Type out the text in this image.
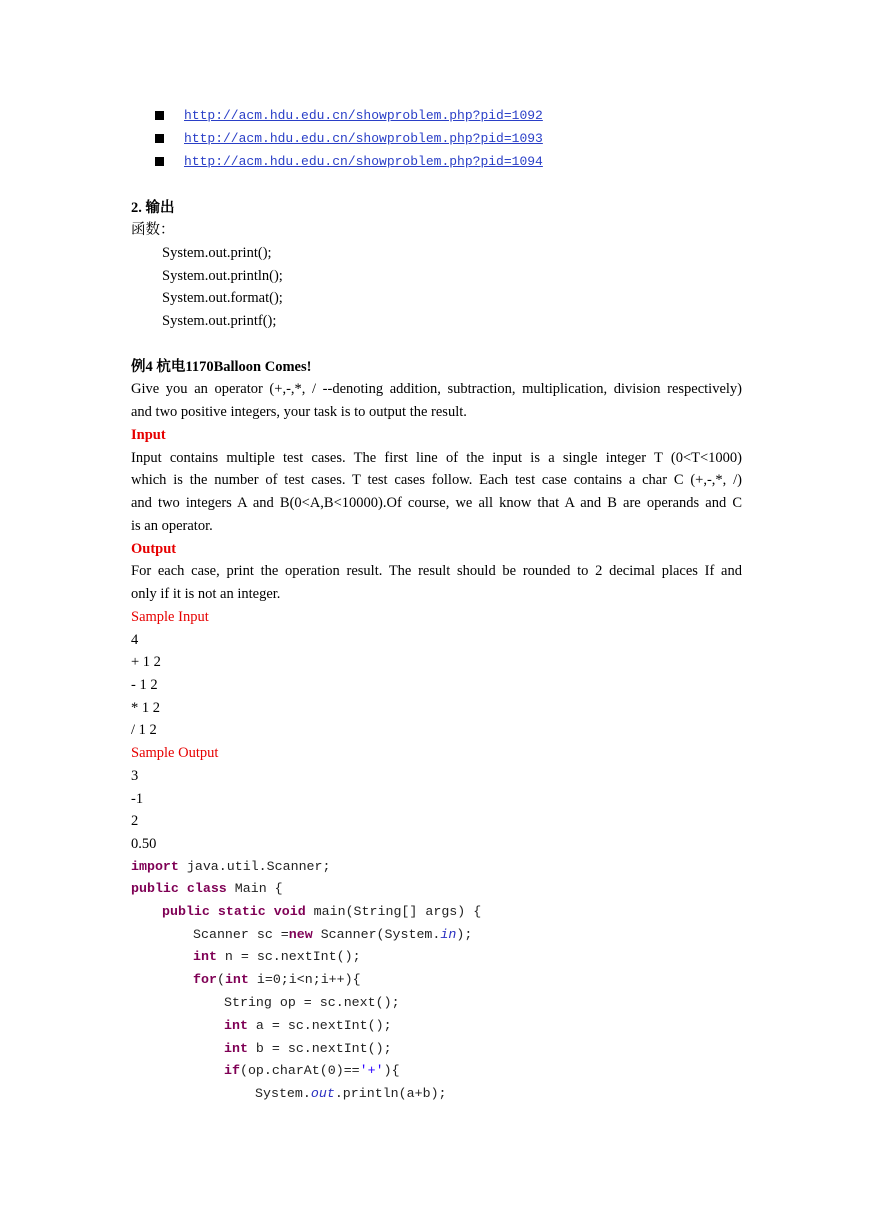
http://acm.hdu.edu.cn/showproblem.php?pid=1092
http://acm.hdu.edu.cn/showproblem.php?pid=1093
http://acm.hdu.edu.cn/showproblem.php?pid=1094
2. 输出
函数：
System.out.print();
System.out.println();
System.out.format();
System.out.printf();
例4 杭电1170Balloon Comes!
Give you an operator (+,-,*, / --denoting addition, subtraction, multiplication, division respectively)
and two positive integers, your task is to output the result.
Input
Input contains multiple test cases. The first line of the input is a single integer T (0<T<1000)
which is the number of test cases. T test cases follow. Each test case contains a char C (+,-,*, /)
and two integers A and B(0<A,B<10000).Of course, we all know that A and B are operands and C
is an operator.
Output
For each case, print the operation result. The result should be rounded to 2 decimal places If and
only if it is not an integer.
Sample Input
4
+ 1 2
- 1 2
* 1 2
/ 1 2
Sample Output
3
-1
2
0.50
import java.util.Scanner;
public class Main {
public static void main(String[] args) {
Scanner sc =new Scanner(System.in);
int n = sc.nextInt();
for(int i=0;i<n;i++){
String op = sc.next();
int a = sc.nextInt();
int b = sc.nextInt();
if(op.charAt(0)=='+'){
System.out.println(a+b);
